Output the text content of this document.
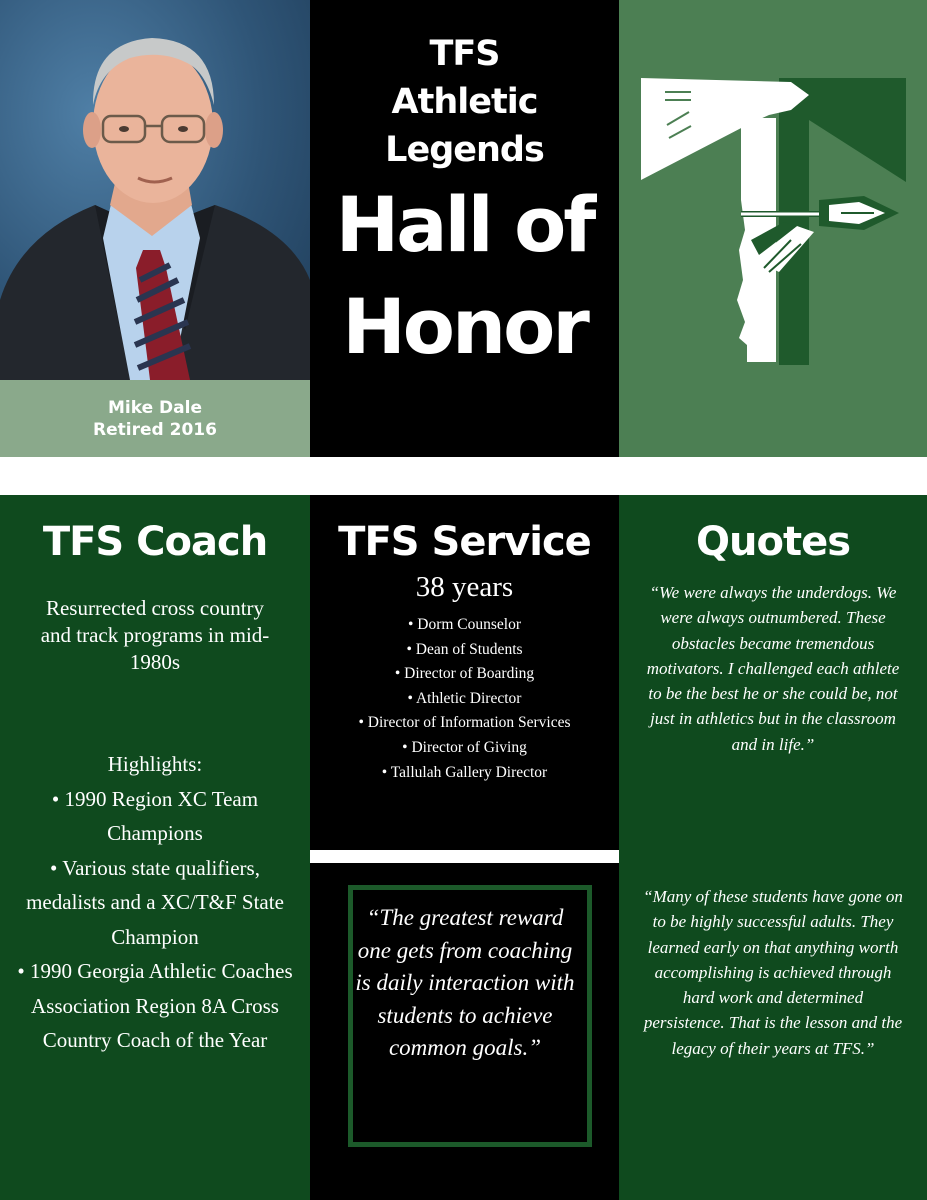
Mike Dale
Retired 2016
TFS
Athletic
Legends
Hall of
Honor
TFS Coach
Resurrected cross country and track programs in mid-1980s
Highlights:
• 1990 Region XC Team Champions
• Various state qualifiers, medalists and a XC/T&F State Champion
• 1990 Georgia Athletic Coaches Association Region 8A Cross Country Coach of the Year
TFS Service
38 years
• Dorm Counselor
• Dean of Students
• Director of Boarding
• Athletic Director
• Director of Information Services
• Director of Giving
• Tallulah Gallery Director
“The greatest reward one gets from coaching is daily interaction with students to achieve common goals.”
Quotes
“We were always the underdogs. We were always outnumbered. These obstacles became tremendous motivators. I challenged each athlete to be the best he or she could be, not just in athletics but in the classroom and in life.”
“Many of these students have gone on to be highly successful adults. They learned early on that anything worth accomplishing is achieved through hard work and determined persistence. That is the lesson and the legacy of their years at TFS.”
